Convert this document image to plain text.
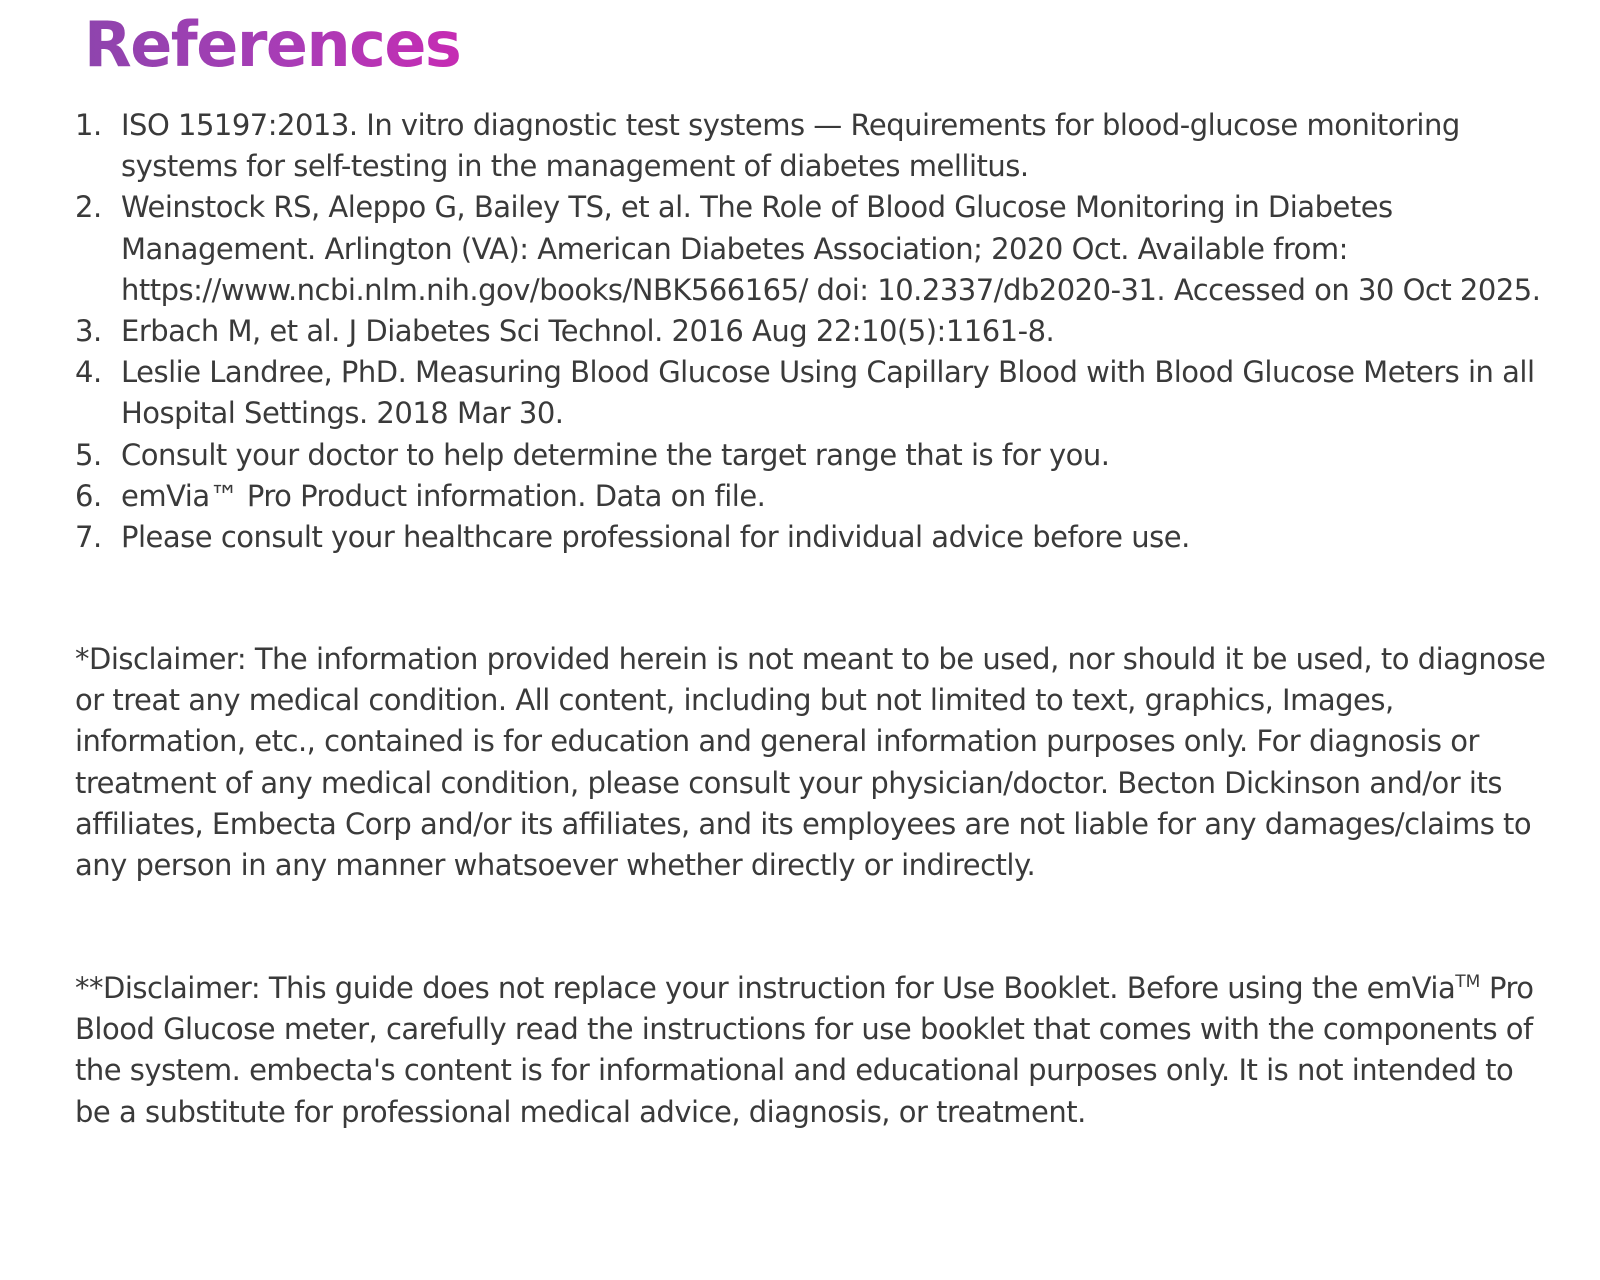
References
1. ISO 15197:2013. In vitro diagnostic test systems — Requirements for blood-glucose monitoring systems for self-testing in the management of diabetes mellitus.
2. Weinstock RS, Aleppo G, Bailey TS, et al. The Role of Blood Glucose Monitoring in Diabetes Management. Arlington (VA): American Diabetes Association; 2020 Oct. Available from: https://www.ncbi.nlm.nih.gov/books/NBK566165/ doi: 10.2337/db2020-31. Accessed on 30 Oct 2025.
3. Erbach M, et al. J Diabetes Sci Technol. 2016 Aug 22:10(5):1161-8.
4. Leslie Landree, PhD. Measuring Blood Glucose Using Capillary Blood with Blood Glucose Meters in all Hospital Settings. 2018 Mar 30.
5. Consult your doctor to help determine the target range that is for you.
6. emVia™ Pro Product information. Data on file.
7. Please consult your healthcare professional for individual advice before use.

*Disclaimer: The information provided herein is not meant to be used, nor should it be used, to diagnose or treat any medical condition. All content, including but not limited to text, graphics, Images, information, etc., contained is for education and general information purposes only. For diagnosis or treatment of any medical condition, please consult your physician/doctor. Becton Dickinson and/or its affiliates, Embecta Corp and/or its affiliates, and its employees are not liable for any damages/claims to any person in any manner whatsoever whether directly or indirectly.

**Disclaimer: This guide does not replace your instruction for Use Booklet. Before using the emVia™ Pro Blood Glucose meter, carefully read the instructions for use booklet that comes with the components of the system. embecta's content is for informational and educational purposes only. It is not intended to be a substitute for professional medical advice, diagnosis, or treatment.
